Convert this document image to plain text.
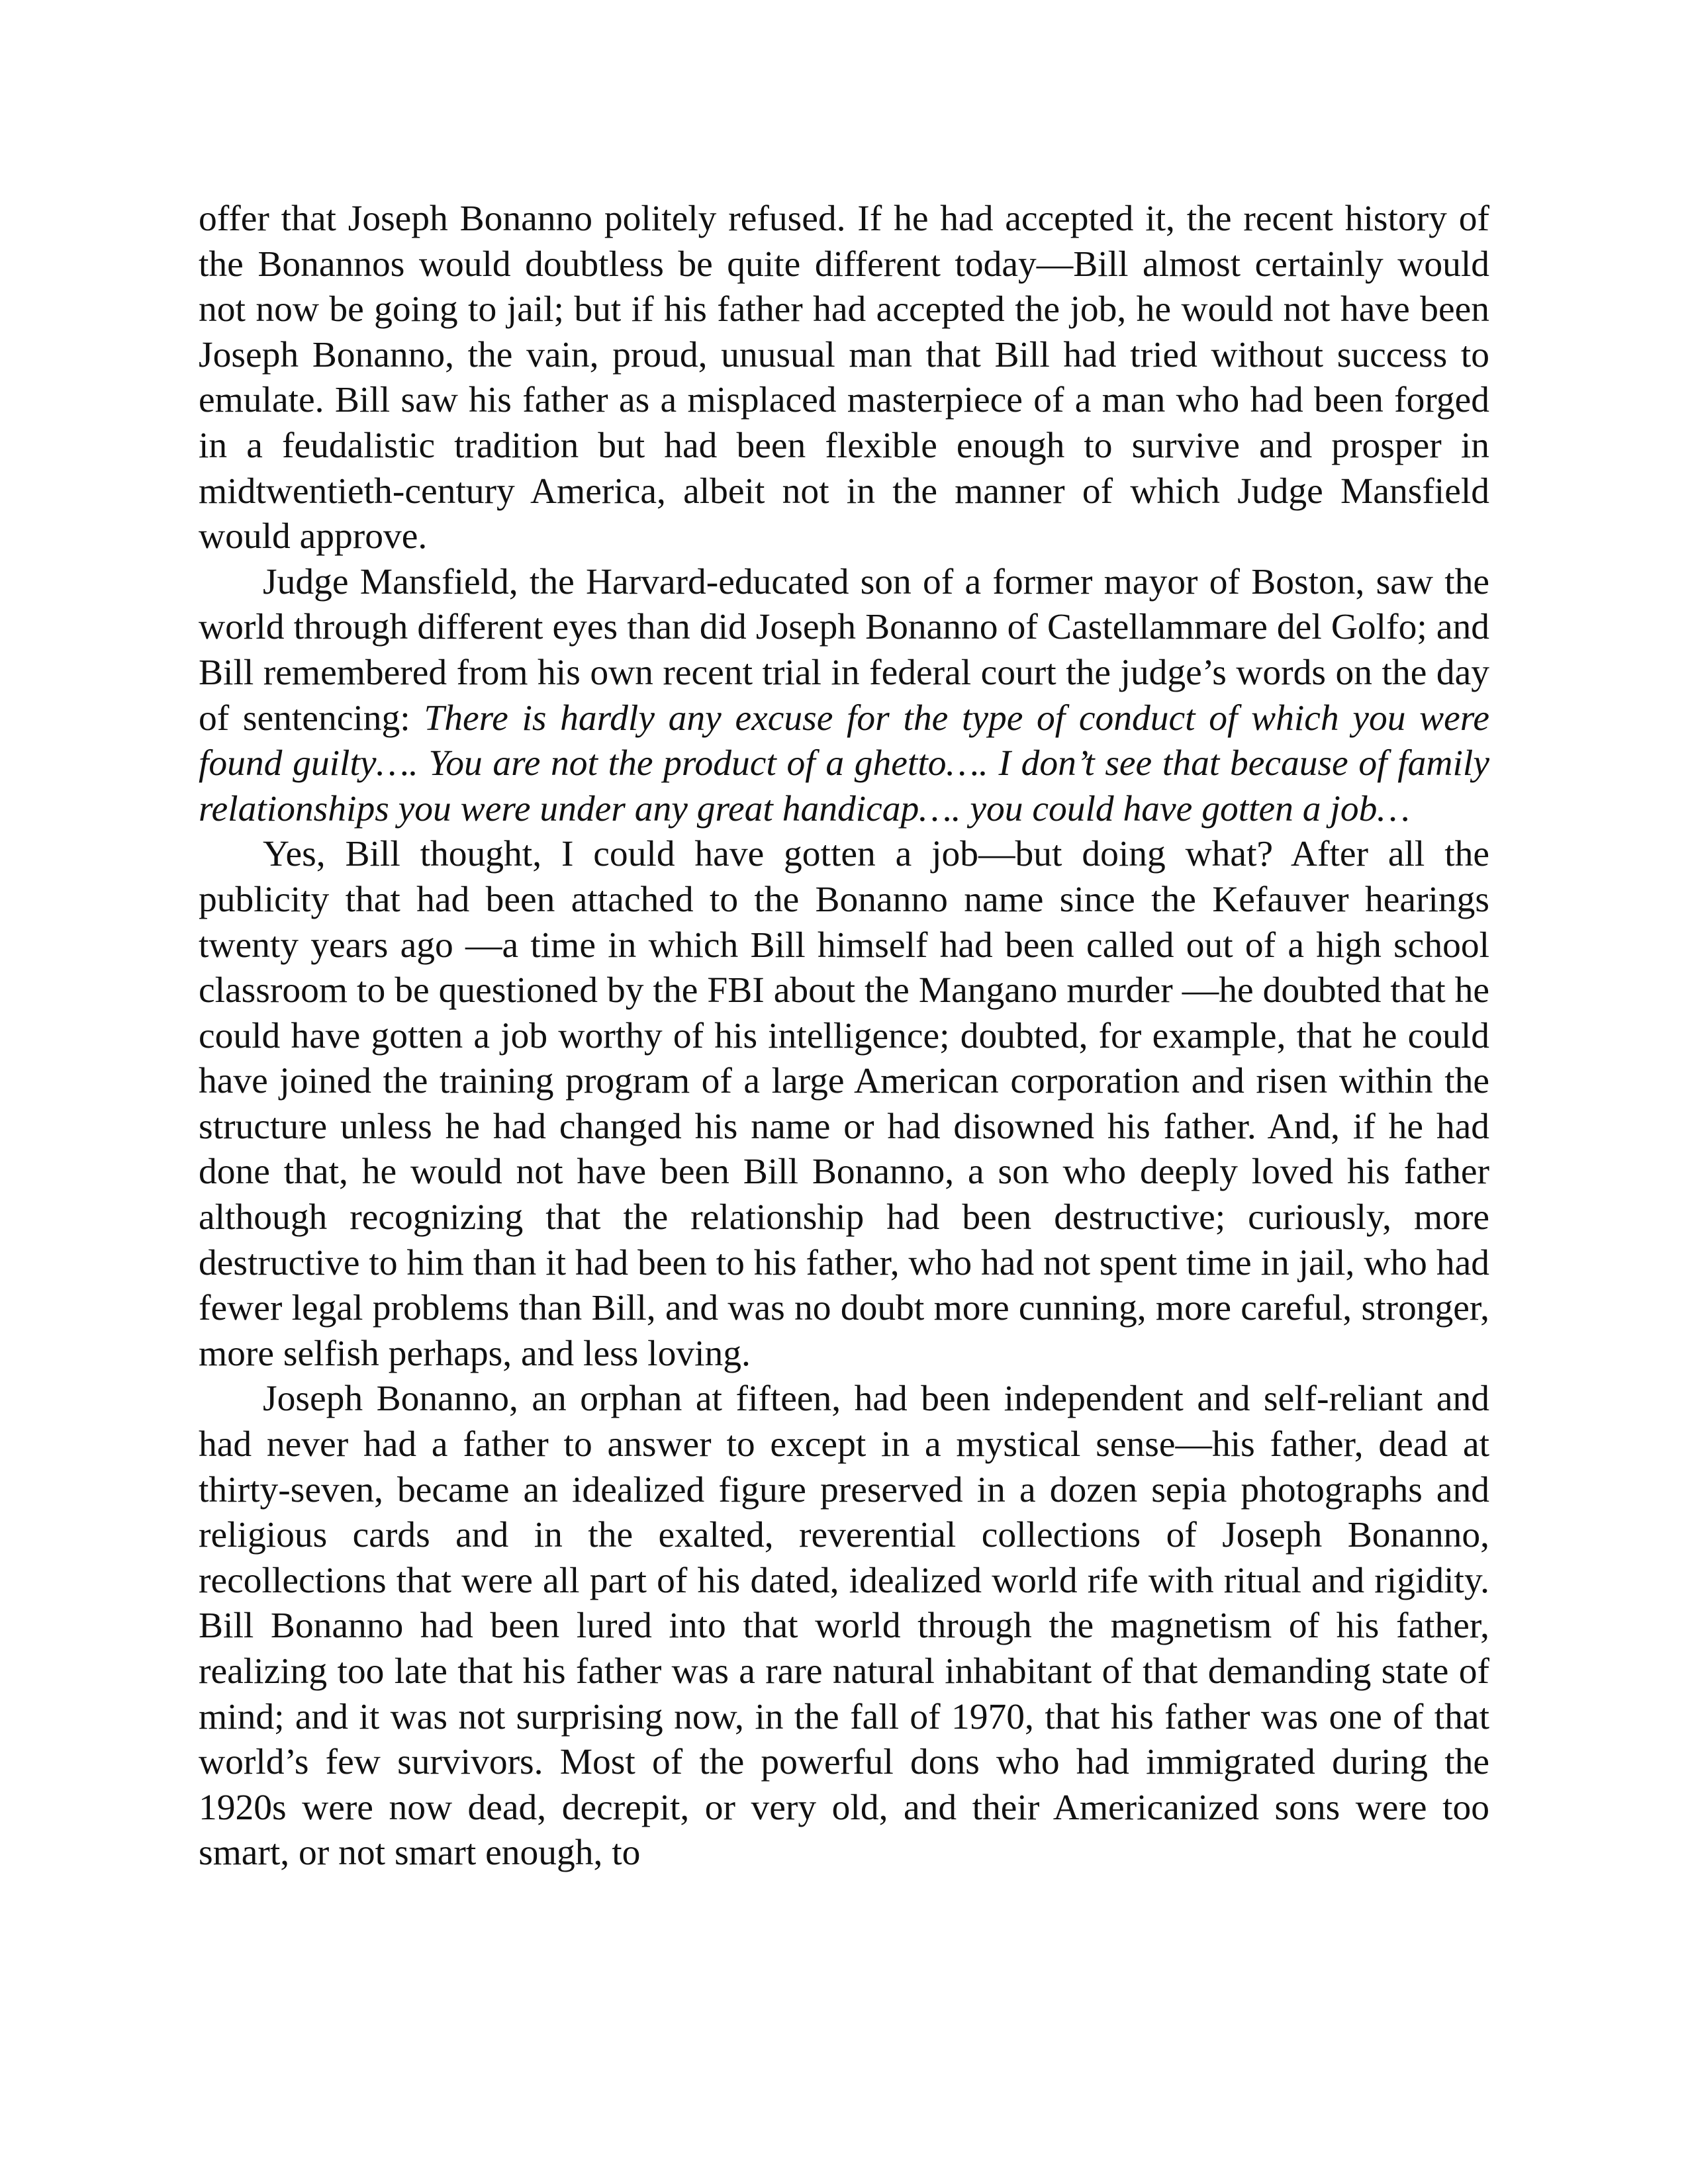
offer that Joseph Bonanno politely refused. If he had accepted it, the recent history of the Bonannos would doubtless be quite different today—Bill almost certainly would not now be going to jail; but if his father had accepted the job, he would not have been Joseph Bonanno, the vain, proud, unusual man that Bill had tried without success to emulate. Bill saw his father as a misplaced masterpiece of a man who had been forged in a feudalistic tradition but had been flexible enough to survive and prosper in midtwentieth-century America, albeit not in the manner of which Judge Mansfield would approve.

Judge Mansfield, the Harvard-educated son of a former mayor of Boston, saw the world through different eyes than did Joseph Bonanno of Castellammare del Golfo; and Bill remembered from his own recent trial in federal court the judge’s words on the day of sentencing: There is hardly any excuse for the type of conduct of which you were found guilty…. You are not the product of a ghetto…. I don’t see that because of family relationships you were under any great handicap…. you could have gotten a job…

Yes, Bill thought, I could have gotten a job—but doing what? After all the publicity that had been attached to the Bonanno name since the Kefauver hearings twenty years ago —a time in which Bill himself had been called out of a high school classroom to be questioned by the FBI about the Mangano murder —he doubted that he could have gotten a job worthy of his intelligence; doubted, for example, that he could have joined the training program of a large American corporation and risen within the structure unless he had changed his name or had disowned his father. And, if he had done that, he would not have been Bill Bonanno, a son who deeply loved his father although recognizing that the relationship had been destructive; curiously, more destructive to him than it had been to his father, who had not spent time in jail, who had fewer legal problems than Bill, and was no doubt more cunning, more careful, stronger, more selfish perhaps, and less loving.

Joseph Bonanno, an orphan at fifteen, had been independent and self-reliant and had never had a father to answer to except in a mystical sense—his father, dead at thirty-seven, became an idealized figure preserved in a dozen sepia photographs and religious cards and in the exalted, reverential collections of Joseph Bonanno, recollections that were all part of his dated, idealized world rife with ritual and rigidity. Bill Bonanno had been lured into that world through the magnetism of his father, realizing too late that his father was a rare natural inhabitant of that demanding state of mind; and it was not surprising now, in the fall of 1970, that his father was one of that world’s few survivors. Most of the powerful dons who had immigrated during the 1920s were now dead, decrepit, or very old, and their Americanized sons were too smart, or not smart enough, to
